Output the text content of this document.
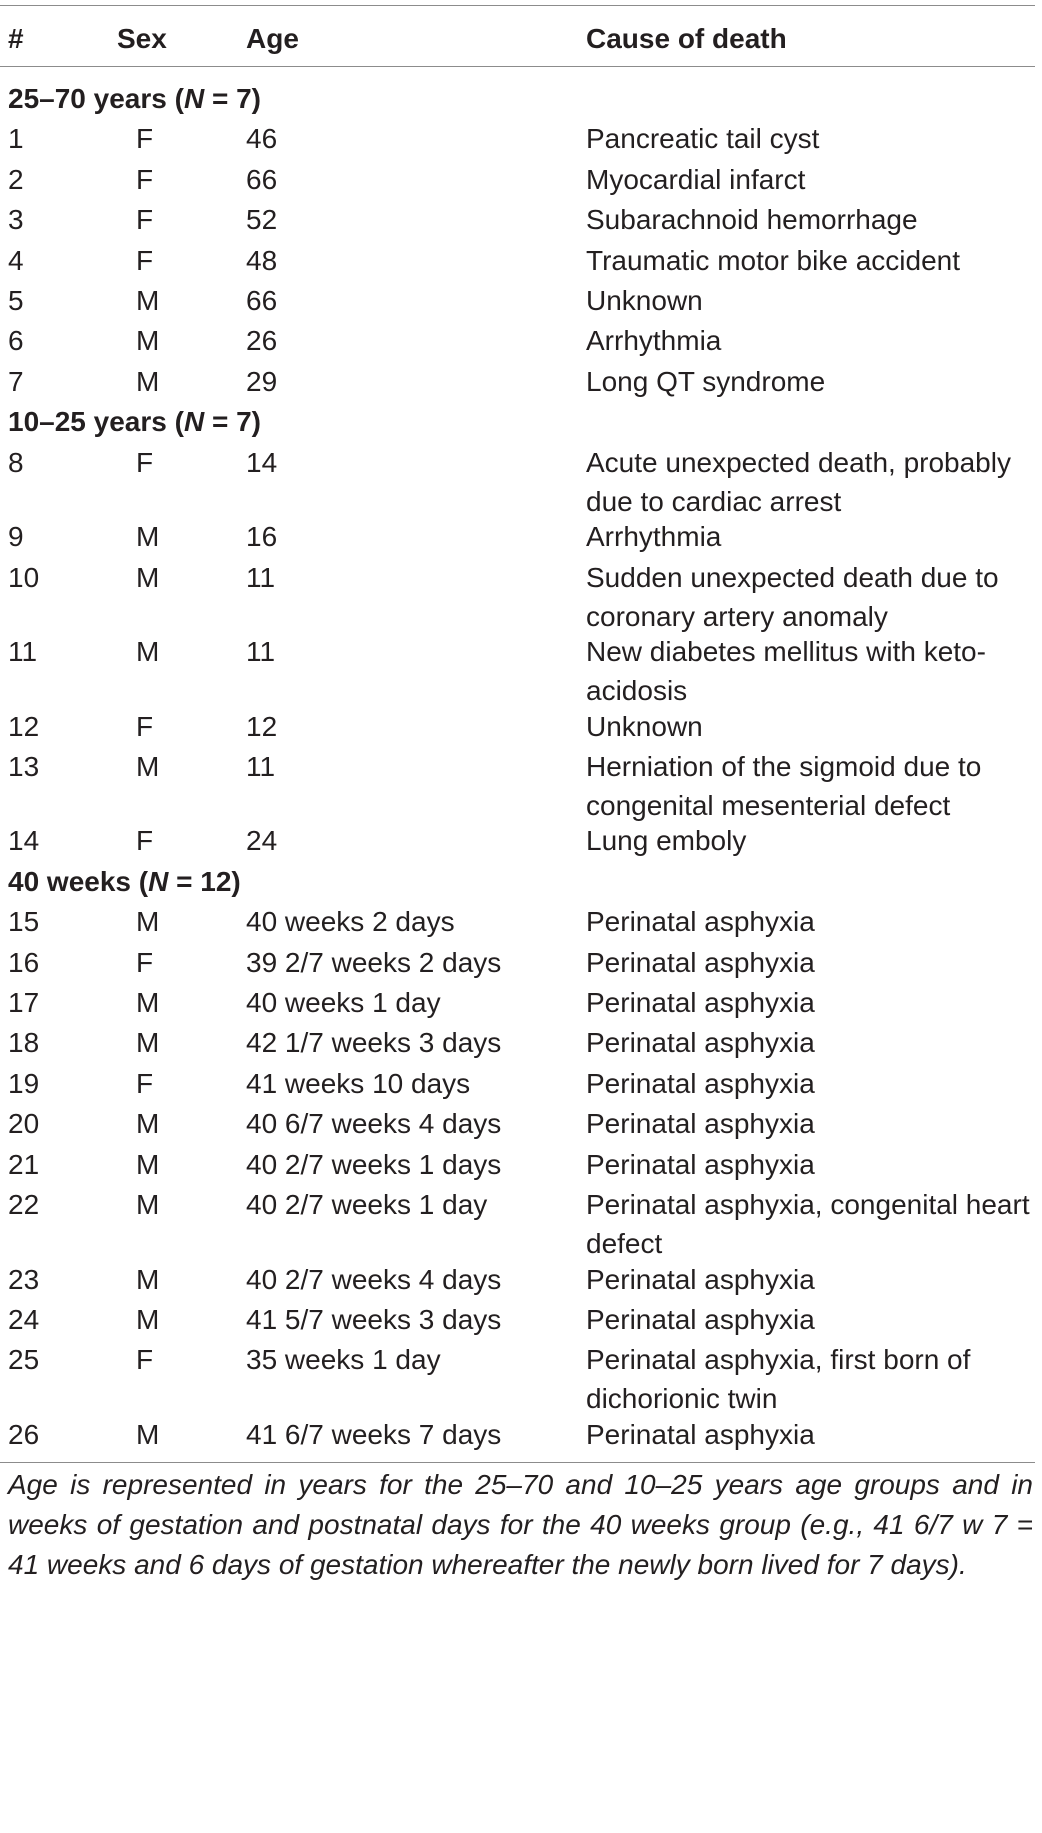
#	Sex	Age	Cause of death
25–70 years (N = 7)
1	F	46	Pancreatic tail cyst
2	F	66	Myocardial infarct
3	F	52	Subarachnoid hemorrhage
4	F	48	Traumatic motor bike accident
5	M	66	Unknown
6	M	26	Arrhythmia
7	M	29	Long QT syndrome
10–25 years (N = 7)
8	F	14	Acute unexpected death, probably due to cardiac arrest
9	M	16	Arrhythmia
10	M	11	Sudden unexpected death due to coronary artery anomaly
11	M	11	New diabetes mellitus with keto-acidosis
12	F	12	Unknown
13	M	11	Herniation of the sigmoid due to congenital mesenterial defect
14	F	24	Lung emboly
40 weeks (N = 12)
15	M	40 weeks 2 days	Perinatal asphyxia
16	F	39 2/7 weeks 2 days	Perinatal asphyxia
17	M	40 weeks 1 day	Perinatal asphyxia
18	M	42 1/7 weeks 3 days	Perinatal asphyxia
19	F	41 weeks 10 days	Perinatal asphyxia
20	M	40 6/7 weeks 4 days	Perinatal asphyxia
21	M	40 2/7 weeks 1 days	Perinatal asphyxia
22	M	40 2/7 weeks 1 day	Perinatal asphyxia, congenital heart defect
23	M	40 2/7 weeks 4 days	Perinatal asphyxia
24	M	41 5/7 weeks 3 days	Perinatal asphyxia
25	F	35 weeks 1 day	Perinatal asphyxia, first born of dichorionic twin
26	M	41 6/7 weeks 7 days	Perinatal asphyxia
Age is represented in years for the 25–70 and 10–25 years age groups and in weeks of gestation and postnatal days for the 40 weeks group (e.g., 41 6/7 w 7 = 41 weeks and 6 days of gestation whereafter the newly born lived for 7 days).
